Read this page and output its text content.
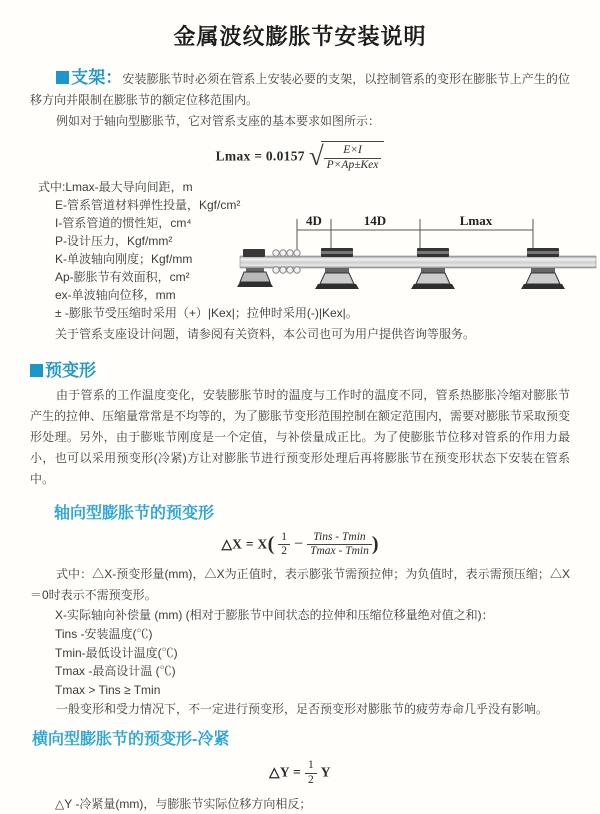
金属波纹膨胀节安装说明

支架：安装膨胀节时必须在管系上安装必要的支架，以控制管系的变形在膨胀节上产生的位移方向并限制在膨胀节的额定位移范围内。

例如对于轴向型膨胀节，它对管系支座的基本要求如图所示：

Lmax = 0.0157 √ $\frac{E\times I}{\text{P×Ap±Kex}}$
式中:Lmax-最大导向间距，m
E-管系管道材料弹性投量，Kgf/cm²
I-管系管道的惯性矩，cm⁴
P-设计压力，Kgf/mm²
K-单波轴向刚度；Kgf/mm
Ap-膨胀节有效面积，cm²
ex-单波轴向位移，mm
± -膨胀节受压缩时采用（+）|Kex|；拉伸时采用(-)|Kex|。
4D	14D	Lmax
关于管系支座设计问题，请参阅有关资料，本公司也可为用户提供咨询等服务。
预变形

由于管系的工作温度变化，安装膨胀节时的温度与工作时的温度不同，管系热膨胀冷缩对膨胀节产生的拉伸、压缩量常常是不均等的，为了膨胀节变形范围控制在额定范围内，需要对膨胀节采取预变形处理。另外，由于膨账节刚度是一个定值，与补偿量成正比。为了使膨胀节位移对管系的作用力最小，也可以采用预变形(冷紧)方让对膨胀节进行预变形处理后再将膨胀节在预变形状态下安装在管系中。

轴向型膨胀节的预变形
△X = $X( \frac{1}{2} - \frac{\text{Tins - Tmin}}{Tmax - Tmin}$ )

式中：△X-预变形量(mm)，△X为正值时，表示膨张节需预拉伸；为负值时，表示需预压缩；△X＝0时表示不需预变形。

X-实际轴向补偿量 (mm) (相对于膨胀节中间状态的拉伸和压缩位移量绝对值之和)：
Tins -安装温度(℃)
Tmin-最低设计温度(℃)
Tmax -最高设计温 (℃)
Tmax > Tins ≥ Tmin

一般变形和受力情况下，不一定进行预变形，足否预变形对膨胀节的疲劳寿命几乎没有影响。

横向型膨胀节的预变形-冷紧
△Y = $\frac{1}{2}$ Y
△Y -冷紧量(mm)，与膨胀节实际位移方向相反；
